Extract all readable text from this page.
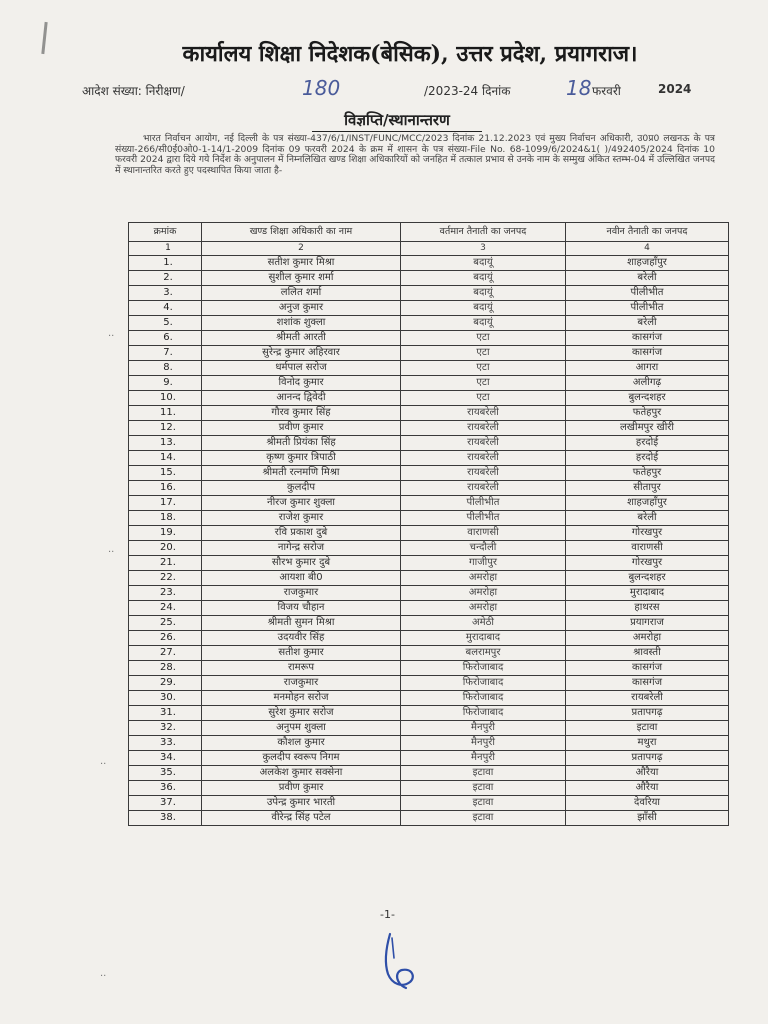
कार्यालय शिक्षा निदेशक(बेसिक), उत्तर प्रदेश, प्रयागराज।
आदेश संख्या: निरीक्षण/	180	/2023-24 दिनांक	18 फरवरी	2024
विज्ञप्ति/स्थानान्तरण
भारत निर्वाचन आयोग, नई दिल्ली के पत्र संख्या-437/6/1/INST/FUNC/MCC/2023 दिनांक 21.12.2023 एवं मुख्य निर्वाचन अधिकारी, उ0प्र0 लखनऊ के पत्र संख्या-266/सी0ई0ओ0-1-14/1-2009 दिनांक 09 फरवरी 2024 के क्रम में शासन के पत्र संख्या-File No. 68-1099/6/2024&1( )/492405/2024 दिनांक 10 फरवरी 2024 द्वारा दिये गये निर्देश के अनुपालन में निम्नलिखित खण्ड शिक्षा अधिकारियों को जनहित में तत्काल प्रभाव से उनके नाम के सम्मुख अंकित स्तम्भ-04 में उल्लिखित जनपद में स्थानान्तरित करते हुए पदस्थापित किया जाता है-
क्रमांक	खण्ड शिक्षा अधिकारी का नाम	वर्तमान तैनाती का जनपद	नवीन तैनाती का जनपद
1	2	3	4
1.	सतीश कुमार मिश्रा	बदायूं	शाहजहाँपुर
2.	सुशील कुमार शर्मा	बदायूं	बरेली
3.	ललित शर्मा	बदायूं	पीलीभीत
4.	अनुज कुमार	बदायूं	पीलीभीत
5.	शशांक शुक्ला	बदायूं	बरेली
6.	श्रीमती आरती	एटा	कासगंज
7.	सुरेन्द्र कुमार अहिरवार	एटा	कासगंज
8.	धर्मपाल सरोज	एटा	आगरा
9.	विनोद कुमार	एटा	अलीगढ़
10.	आनन्द द्विवेदी	एटा	बुलन्दशहर
11.	गौरव कुमार सिंह	रायबरेली	फतेहपुर
12.	प्रवीण कुमार	रायबरेली	लखीमपुर खीरी
13.	श्रीमती प्रियंका सिंह	रायबरेली	हरदोई
14.	कृष्ण कुमार त्रिपाठी	रायबरेली	हरदोई
15.	श्रीमती रत्नमणि मिश्रा	रायबरेली	फतेहपुर
16.	कुलदीप	रायबरेली	सीतापुर
17.	नीरज कुमार शुक्ला	पीलीभीत	शाहजहाँपुर
18.	राजेश कुमार	पीलीभीत	बरेली
19.	रवि प्रकाश दुबे	वाराणसी	गोरखपुर
20.	नागेन्द्र सरोज	चन्दौली	वाराणसी
21.	सौरभ कुमार दुबे	गाजीपुर	गोरखपुर
22.	आयशा बी0	अमरोहा	बुलन्दशहर
23.	राजकुमार	अमरोहा	मुरादाबाद
24.	विजय चौहान	अमरोहा	हाथरस
25.	श्रीमती सुमन मिश्रा	अमेठी	प्रयागराज
26.	उदयवीर सिंह	मुरादाबाद	अमरोहा
27.	सतीश कुमार	बलरामपुर	श्रावस्ती
28.	रामरूप	फिरोजाबाद	कासगंज
29.	राजकुमार	फिरोजाबाद	कासगंज
30.	मनमोहन सरोज	फिरोजाबाद	रायबरेली
31.	सुरेश कुमार सरोज	फिरोजाबाद	प्रतापगढ़
32.	अनुपम शुक्ला	मैनपुरी	इटावा
33.	कौशल कुमार	मैनपुरी	मथुरा
34.	कुलदीप स्वरूप निगम	मैनपुरी	प्रतापगढ़
35.	अलकेश कुमार सक्सेना	इटावा	औरैया
36.	प्रवीण कुमार	इटावा	औरैया
37.	उपेन्द्र कुमार भारती	इटावा	देवरिया
38.	वीरेन्द्र सिंह पटेल	इटावा	झाँसी
..
..
..
..
-1-
